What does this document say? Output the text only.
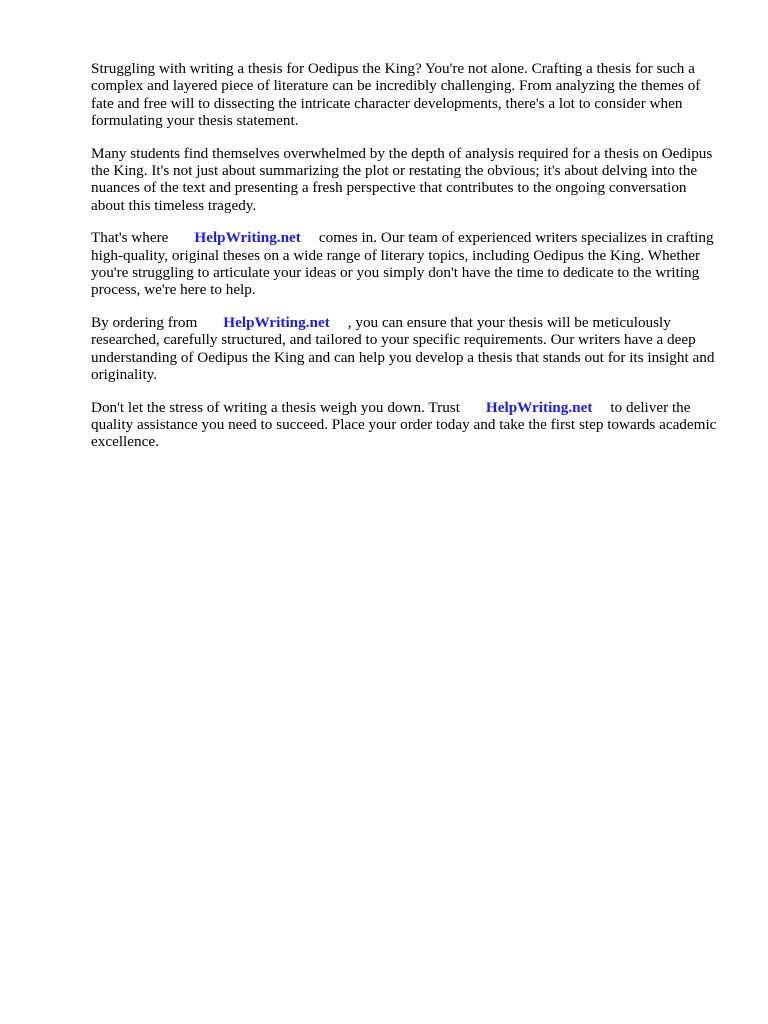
Struggling with writing a thesis for Oedipus the King? You're not alone. Crafting a thesis for such a complex and layered piece of literature can be incredibly challenging. From analyzing the themes of fate and free will to dissecting the intricate character developments, there's a lot to consider when formulating your thesis statement.

Many students find themselves overwhelmed by the depth of analysis required for a thesis on Oedipus the King. It's not just about summarizing the plot or restating the obvious; it's about delving into the nuances of the text and presenting a fresh perspective that contributes to the ongoing conversation about this timeless tragedy.

That's where HelpWriting.net comes in. Our team of experienced writers specializes in crafting high-quality, original theses on a wide range of literary topics, including Oedipus the King. Whether you're struggling to articulate your ideas or you simply don't have the time to dedicate to the writing process, we're here to help.

By ordering from HelpWriting.net , you can ensure that your thesis will be meticulously researched, carefully structured, and tailored to your specific requirements. Our writers have a deep understanding of Oedipus the King and can help you develop a thesis that stands out for its insight and originality.

Don't let the stress of writing a thesis weigh you down. Trust HelpWriting.net to deliver the quality assistance you need to succeed. Place your order today and take the first step towards academic excellence.
